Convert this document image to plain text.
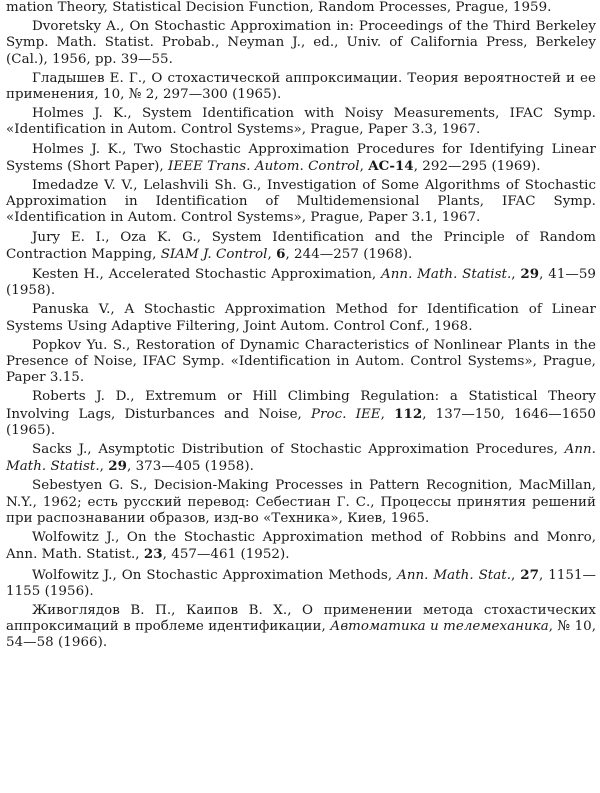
mation Theory, Statistical Decision Function, Random Processes, Prague, 1959.

Dvoretsky A., On Stochastic Approximation in: Proceedings of the Third Berkeley Symp. Math. Statist. Probab., Neyman J., ed., Univ. of California Press, Berkeley (Cal.), 1956, pp. 39—55.

Гладышев Е. Г., О стохастической аппроксимации. Теория вероятностей и ее применения, 10, № 2, 297—300 (1965).

Holmes J. K., System Identification with Noisy Measurements, IFAC Symp. «Identification in Autom. Control Systems», Prague, Paper 3.3, 1967.

Holmes J. K., Two Stochastic Approximation Procedures for Identifying Linear Systems (Short Paper), IEEE Trans. Autom. Control, AC-14, 292—295 (1969).

Imedadze V. V., Lelashvili Sh. G., Investigation of Some Algorithms of Stochastic Approximation in Identification of Multidemensional Plants, IFAC Symp. «Identification in Autom. Control Systems», Prague, Paper 3.1, 1967.

Jury E. I., Oza K. G., System Identification and the Principle of Random Contraction Mapping, SIAM J. Control, 6, 244—257 (1968).

Kesten H., Accelerated Stochastic Approximation, Ann. Math. Statist., 29, 41—59 (1958).

Panuska V., A Stochastic Approximation Method for Identification of Linear Systems Using Adaptive Filtering, Joint Autom. Control Conf., 1968.

Popkov Yu. S., Restoration of Dynamic Characteristics of Nonlinear Plants in the Presence of Noise, IFAC Symp. «Identification in Autom. Control Systems», Prague, Paper 3.15.

Roberts J. D., Extremum or Hill Climbing Regulation: a Statistical Theory Involving Lags, Disturbances and Noise, Proc. IEE, 112, 137—150, 1646—1650 (1965).

Sacks J., Asymptotic Distribution of Stochastic Approximation Procedures, Ann. Math. Statist., 29, 373—405 (1958).

Sebestyen G. S., Decision-Making Processes in Pattern Recognition, MacMillan, N.Y., 1962; есть русский перевод: Себестиан Г. С., Процессы принятия решений при распознавании образов, изд-во «Техника», Киев, 1965.

Wolfowitz J., On the Stochastic Approximation method of Robbins and Monro, Ann. Math. Statist., 23, 457—461 (1952).

Wolfowitz J., On Stochastic Approximation Methods, Ann. Math. Stat., 27, 1151—1155 (1956).

Живоглядов В. П., Каипов В. Х., О применении метода стохастических аппроксимаций в проблеме идентификации, Автоматика и телемеханика, № 10, 54—58 (1966).
